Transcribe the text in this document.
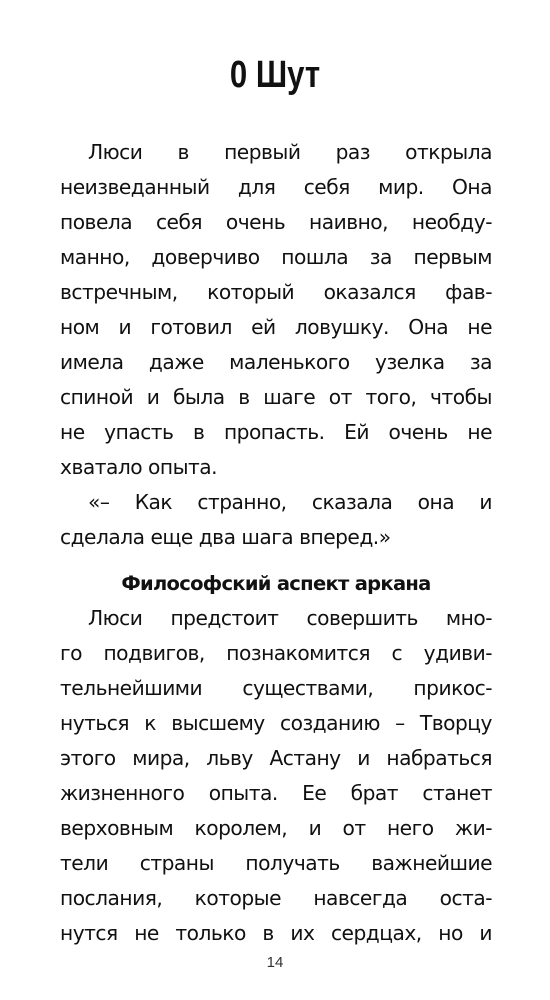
0 Шут
Люси в первый раз открыла
неизведанный для себя мир. Она
повела себя очень наивно, необду-
манно, доверчиво пошла за первым
встречным, который оказался фав-
ном и готовил ей ловушку. Она не
имела даже маленького узелка за
спиной и была в шаге от того, чтобы
не упасть в пропасть. Ей очень не
хватало опыта.
«– Как странно, сказала она и
сделала еще два шага вперед.»
Философский аспект аркана
Люси предстоит совершить мно-
го подвигов, познакомится с удиви-
тельнейшими существами, прикос-
нуться к высшему созданию – Творцу
этого мира, льву Астану и набраться
жизненного опыта. Ее брат станет
верховным королем, и от него жи-
тели страны получать важнейшие
послания, которые навсегда оста-
нутся не только в их сердцах, но и
14
